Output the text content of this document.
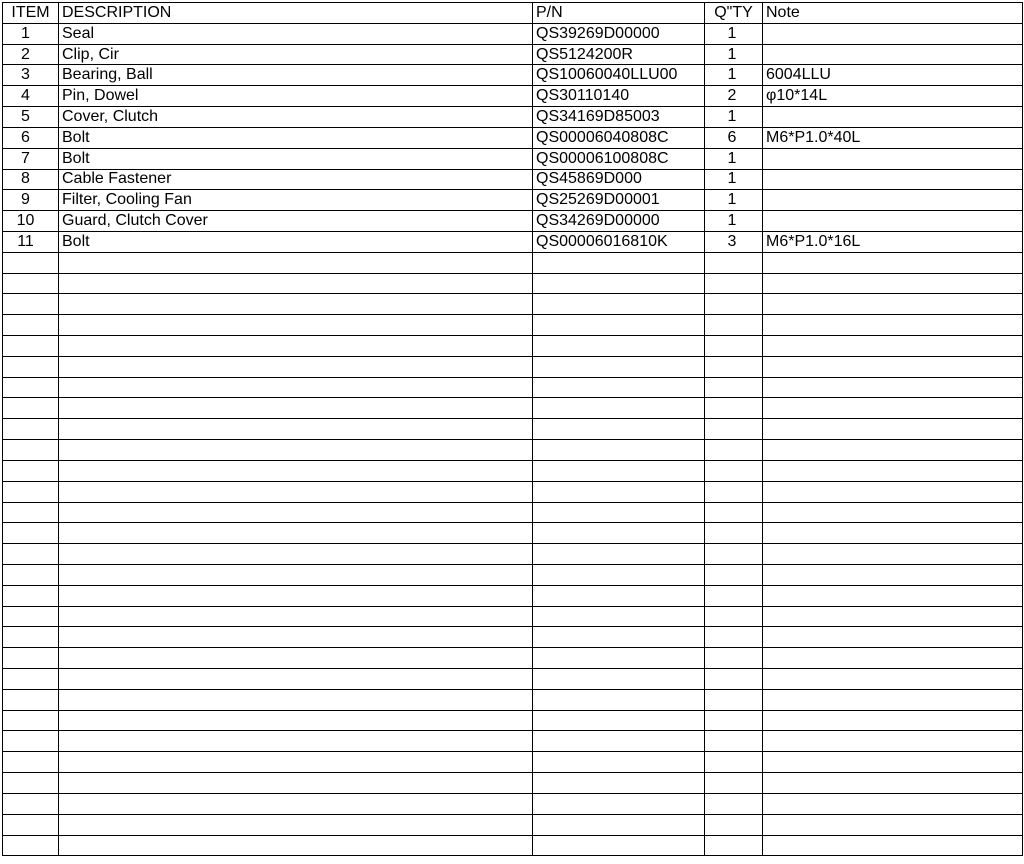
ITEM	DESCRIPTION	P/N	Q"TY	Note
1	Seal	QS39269D00000	1	
2	Clip, Cir	QS5124200R	1	
3	Bearing, Ball	QS10060040LLU00	1	6004LLU
4	Pin, Dowel	QS30110140	2	φ10*14L
5	Cover, Clutch	QS34169D85003	1	
6	Bolt	QS00006040808C	6	M6*P1.0*40L
7	Bolt	QS00006100808C	1	
8	Cable Fastener	QS45869D000	1	
9	Filter, Cooling Fan	QS25269D00001	1	
10	Guard, Clutch Cover	QS34269D00000	1	
11	Bolt	QS00006016810K	3	M6*P1.0*16L
